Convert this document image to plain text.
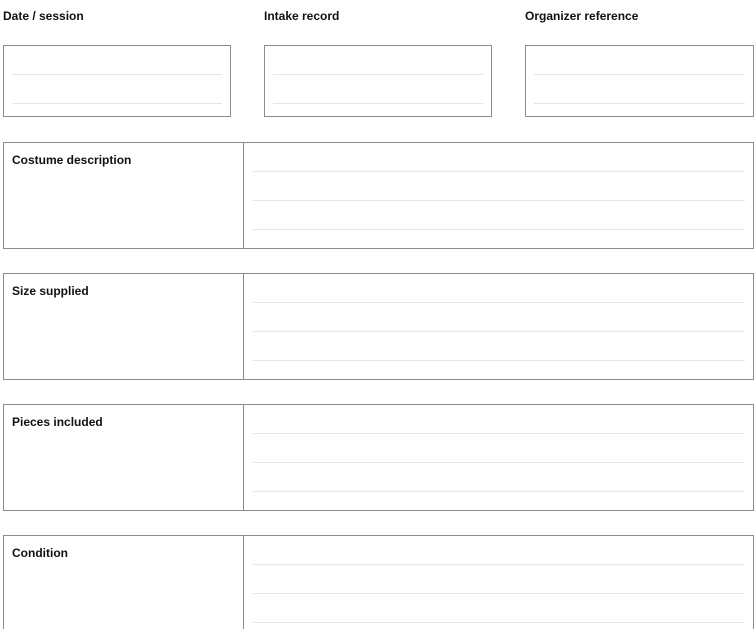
Date / session	Intake record	Organizer reference
Costume description
Size supplied
Pieces included
Condition
